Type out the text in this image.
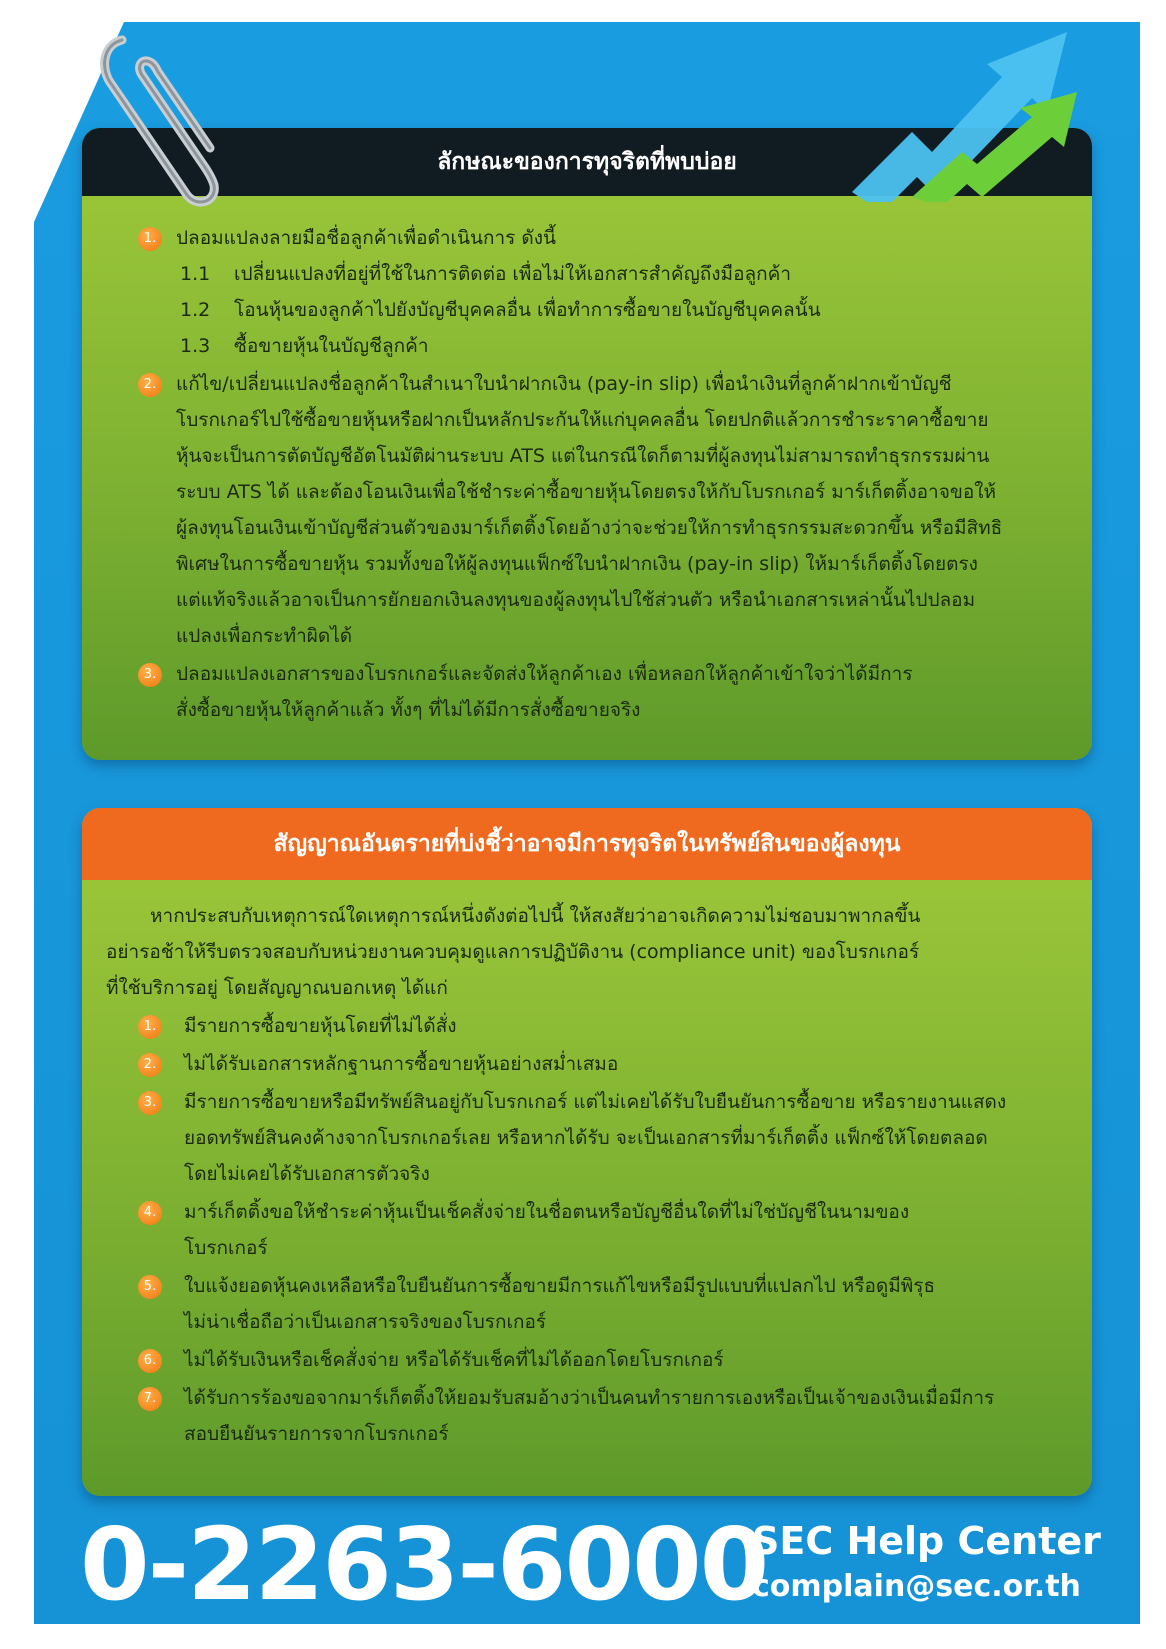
ลักษณะของการทุจริตที่พบบ่อย
1.	ปลอมแปลงลายมือชื่อลูกค้าเพื่อดำเนินการ ดังนี้
1.1	เปลี่ยนแปลงที่อยู่ที่ใช้ในการติดต่อ เพื่อไม่ให้เอกสารสำคัญถึงมือลูกค้า
1.2	โอนหุ้นของลูกค้าไปยังบัญชีบุคคลอื่น เพื่อทำการซื้อขายในบัญชีบุคคลนั้น
1.3	ซื้อขายหุ้นในบัญชีลูกค้า
2.	แก้ไข/เปลี่ยนแปลงชื่อลูกค้าในสำเนาใบนำฝากเงิน (pay-in slip) เพื่อนำเงินที่ลูกค้าฝากเข้าบัญชี
โบรกเกอร์ไปใช้ซื้อขายหุ้นหรือฝากเป็นหลักประกันให้แก่บุคคลอื่น โดยปกติแล้วการชำระราคาซื้อขาย
หุ้นจะเป็นการตัดบัญชีอัตโนมัติผ่านระบบ ATS แต่ในกรณีใดก็ตามที่ผู้ลงทุนไม่สามารถทำธุรกรรมผ่าน
ระบบ ATS ได้ และต้องโอนเงินเพื่อใช้ชำระค่าซื้อขายหุ้นโดยตรงให้กับโบรกเกอร์ มาร์เก็ตติ้งอาจขอให้
ผู้ลงทุนโอนเงินเข้าบัญชีส่วนตัวของมาร์เก็ตติ้งโดยอ้างว่าจะช่วยให้การทำธุรกรรมสะดวกขึ้น หรือมีสิทธิ
พิเศษในการซื้อขายหุ้น รวมทั้งขอให้ผู้ลงทุนแฟ็กซ์ใบนำฝากเงิน (pay-in slip) ให้มาร์เก็ตติ้งโดยตรง
แต่แท้จริงแล้วอาจเป็นการยักยอกเงินลงทุนของผู้ลงทุนไปใช้ส่วนตัว หรือนำเอกสารเหล่านั้นไปปลอม
แปลงเพื่อกระทำผิดได้
3.	ปลอมแปลงเอกสารของโบรกเกอร์และจัดส่งให้ลูกค้าเอง เพื่อหลอกให้ลูกค้าเข้าใจว่าได้มีการ
สั่งซื้อขายหุ้นให้ลูกค้าแล้ว ทั้งๆ ที่ไม่ได้มีการสั่งซื้อขายจริง
สัญญาณอันตรายที่บ่งชี้ว่าอาจมีการทุจริตในทรัพย์สินของผู้ลงทุน
หากประสบกับเหตุการณ์ใดเหตุการณ์หนึ่งดังต่อไปนี้ ให้สงสัยว่าอาจเกิดความไม่ชอบมาพากลขึ้น
อย่ารอช้าให้รีบตรวจสอบกับหน่วยงานควบคุมดูแลการปฏิบัติงาน (compliance unit) ของโบรกเกอร์
ที่ใช้บริการอยู่ โดยสัญญาณบอกเหตุ ได้แก่
1.	มีรายการซื้อขายหุ้นโดยที่ไม่ได้สั่ง
2.	ไม่ได้รับเอกสารหลักฐานการซื้อขายหุ้นอย่างสม่ำเสมอ
3.	มีรายการซื้อขายหรือมีทรัพย์สินอยู่กับโบรกเกอร์ แต่ไม่เคยได้รับใบยืนยันการซื้อขาย หรือรายงานแสดง
ยอดทรัพย์สินคงค้างจากโบรกเกอร์เลย หรือหากได้รับ จะเป็นเอกสารที่มาร์เก็ตติ้ง แฟ็กซ์ให้โดยตลอด
โดยไม่เคยได้รับเอกสารตัวจริง
4.	มาร์เก็ตติ้งขอให้ชำระค่าหุ้นเป็นเช็คสั่งจ่ายในชื่อตนหรือบัญชีอื่นใดที่ไม่ใช่บัญชีในนามของ
โบรกเกอร์
5.	ใบแจ้งยอดหุ้นคงเหลือหรือใบยืนยันการซื้อขายมีการแก้ไขหรือมีรูปแบบที่แปลกไป หรือดูมีพิรุธ
ไม่น่าเชื่อถือว่าเป็นเอกสารจริงของโบรกเกอร์
6.	ไม่ได้รับเงินหรือเช็คสั่งจ่าย หรือได้รับเช็คที่ไม่ได้ออกโดยโบรกเกอร์
7.	ได้รับการร้องขอจากมาร์เก็ตติ้งให้ยอมรับสมอ้างว่าเป็นคนทำรายการเองหรือเป็นเจ้าของเงินเมื่อมีการ
สอบยืนยันรายการจากโบรกเกอร์
0-2263-6000
SEC Help Center
complain@sec.or.th
